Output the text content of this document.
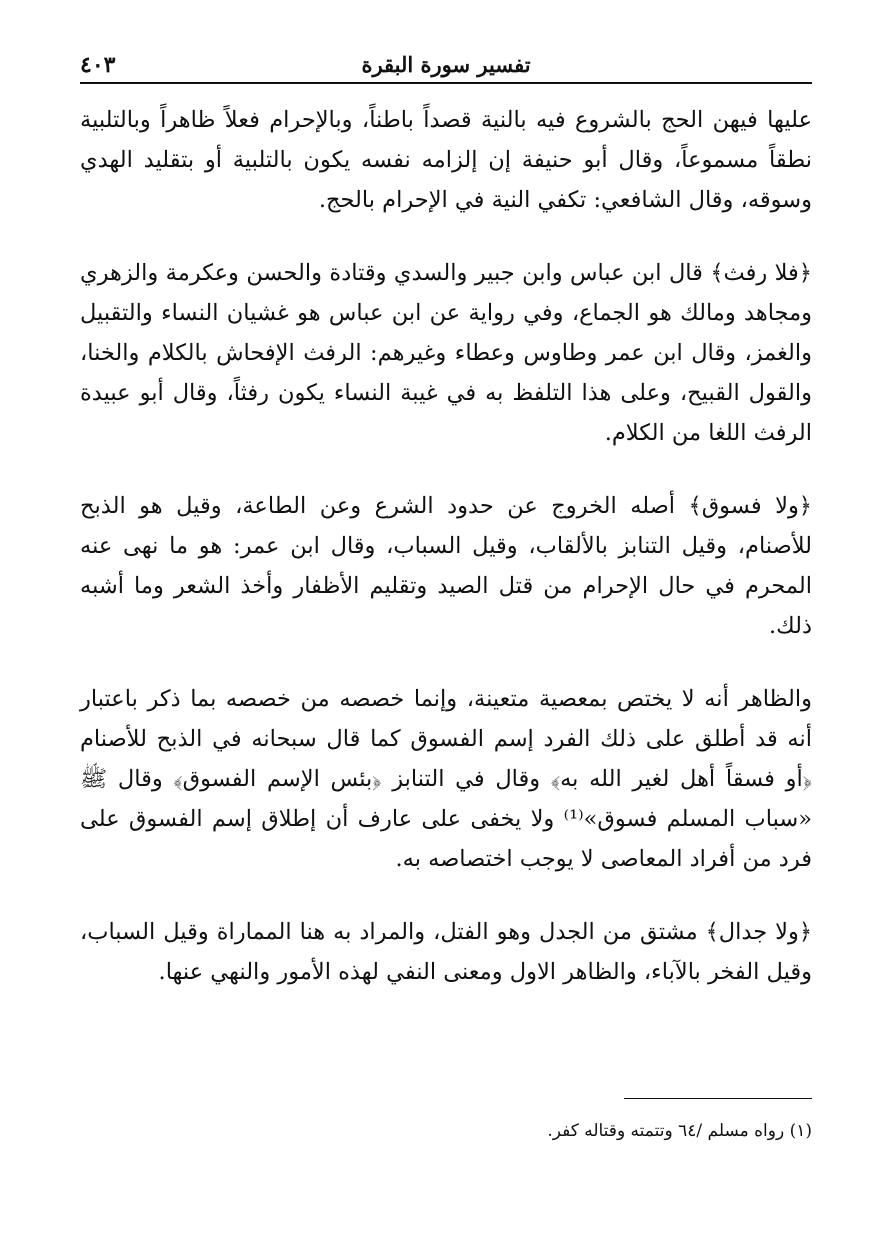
تفسير سورة البقرة
٤٠٣

عليها فيهن الحج بالشروع فيه بالنية قصداً باطناً، وبالإحرام فعلاً ظاهراً وبالتلبية نطقاً مسموعاً، وقال أبو حنيفة إن إلزامه نفسه يكون بالتلبية أو بتقليد الهدي وسوقه، وقال الشافعي: تكفي النية في الإحرام بالحج.

﴿فلا رفث﴾ قال ابن عباس وابن جبير والسدي وقتادة والحسن وعكرمة والزهري ومجاهد ومالك هو الجماع، وفي رواية عن ابن عباس هو غشيان النساء والتقبيل والغمز، وقال ابن عمر وطاوس وعطاء وغيرهم: الرفث الإفحاش بالكلام والخنا، والقول القبيح، وعلى هذا التلفظ به في غيبة النساء يكون رفثاً، وقال أبو عبيدة الرفث اللغا من الكلام.

﴿ولا فسوق﴾ أصله الخروج عن حدود الشرع وعن الطاعة، وقيل هو الذبح للأصنام، وقيل التنابز بالألقاب، وقيل السباب، وقال ابن عمر: هو ما نهى عنه المحرم في حال الإحرام من قتل الصيد وتقليم الأظفار وأخذ الشعر وما أشبه ذلك.

والظاهر أنه لا يختص بمعصية متعينة، وإنما خصصه من خصصه بما ذكر باعتبار أنه قد أطلق على ذلك الفرد إسم الفسوق كما قال سبحانه في الذبح للأصنام ﴿أو فسقاً أهل لغير الله به﴾ وقال في التنابز ﴿بئس الإسم الفسوق﴾ وقال ﷺ «سباب المسلم فسوق»⁽¹⁾ ولا يخفى على عارف أن إطلاق إسم الفسوق على فرد من أفراد المعاصى لا يوجب اختصاصه به.

﴿ولا جدال﴾ مشتق من الجدل وهو الفتل، والمراد به هنا المماراة وقيل السباب، وقيل الفخر بالآباء، والظاهر الاول ومعنى النفي لهذه الأمور والنهي عنها.

(١) رواه مسلم /٦٤ وتتمته وقتاله كفر.
